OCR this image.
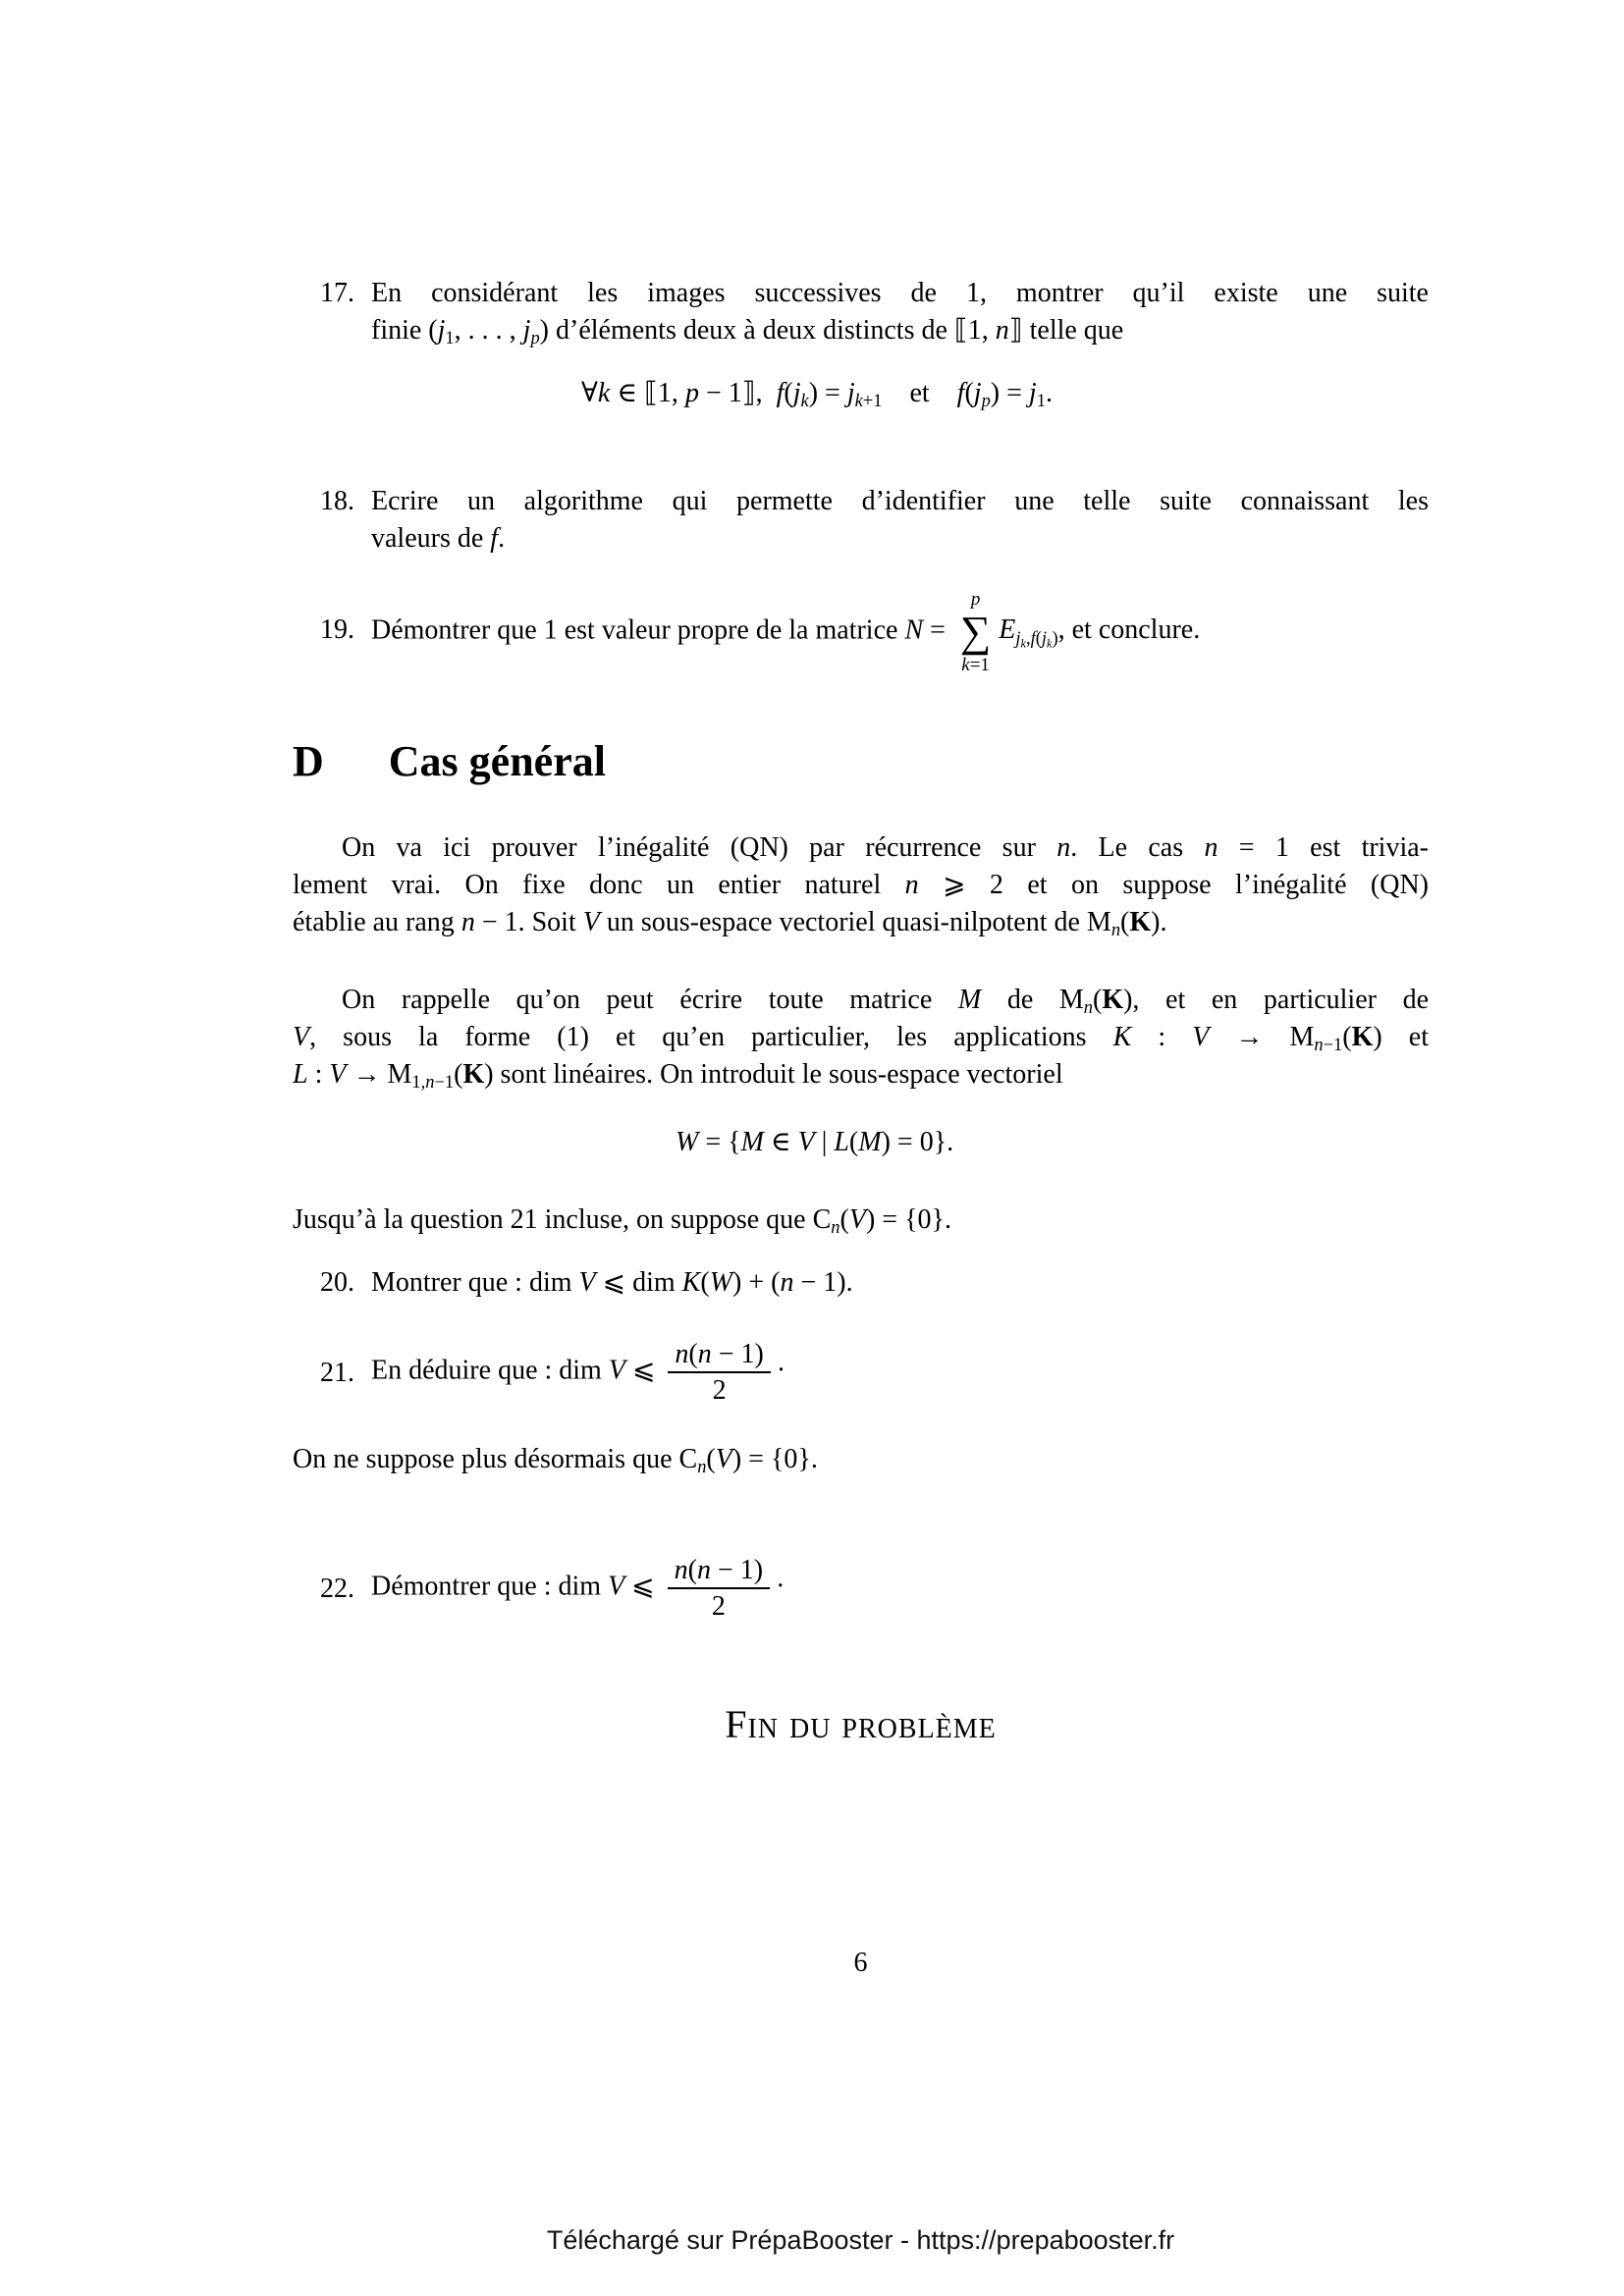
17. En considérant les images successives de 1, montrer qu’il existe une suite
finie ($j_1$, . . . , $j_p$) d’éléments deux à deux distincts de ⟦1, n⟧ telle que
∀k ∈ ⟦1, p − 1⟧, $f(j_k) = j_{k+1}$ et $f(j_p) = j_1$.
18. Ecrire un algorithme qui permette d’identifier une telle suite connaissant les
valeurs de f.
19. Démontrer que 1 est valeur propre de la matrice N =
p
∑
k=1
$E_{j_k,f(j_k)}$, et conclure.
D Cas général
On va ici prouver l’inégalité (QN) par récurrence sur n. Le cas n = 1 est trivia-
lement vrai. On fixe donc un entier naturel n ⩾ 2 et on suppose l’inégalité (QN)
établie au rang n − 1. Soit V un sous-espace vectoriel quasi-nilpotent de $M_n(K)$.
On rappelle qu’on peut écrire toute matrice M de $M_n(K)$, et en particulier de
V, sous la forme (1) et qu’en particulier, les applications K : $V \to M_{n-1}(K)$ et
L : $V \to M_{1,n-1}(K)$ sont linéaires. On introduit le sous-espace vectoriel
W = {M ∈ V | L(M) = 0}.
Jusqu’à la question 21 incluse, on suppose que $C_n(V) = \{0\}$.
20. Montrer que : dim V ⩽ dim K(W) + (n − 1).
21. En déduire que : dim V ⩽ $\frac{n(n - 1)}{2}$ ·
On ne suppose plus désormais que $C_n(V) = \{0\}$.
22. Démontrer que : dim V ⩽ $\frac{n(n - 1)}{2}$ ·
Fin du problème
6
Téléchargé sur PrépaBooster - https://prepabooster.fr
